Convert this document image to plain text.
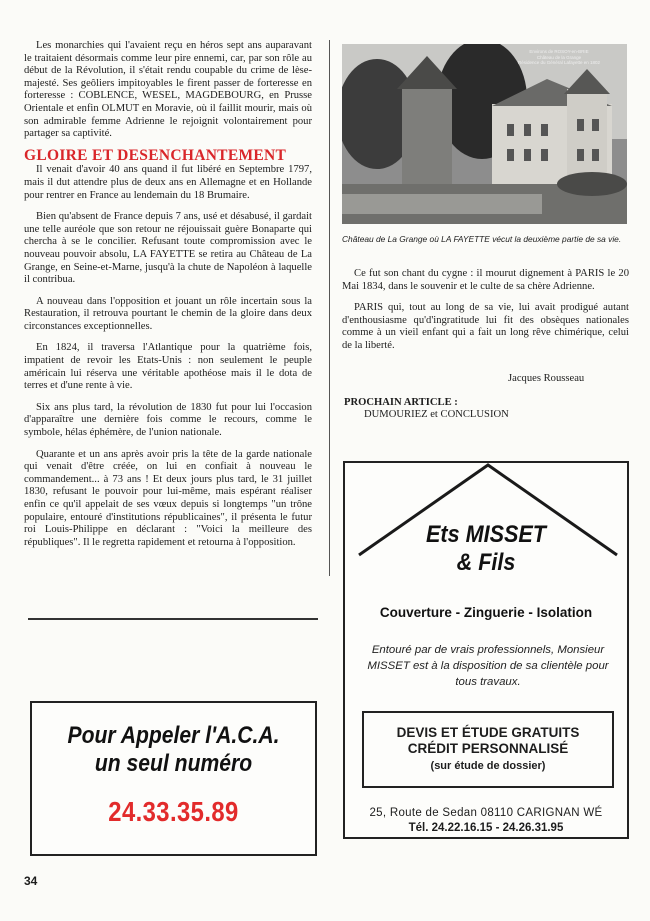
Les monarchies qui l'avaient reçu en héros sept ans auparavant le traitaient désormais comme leur pire ennemi, car, par son rôle au début de la Révolution, il s'était rendu coupable du crime de lèse-majesté. Ses geôliers impitoyables le firent passer de forteresse en forteresse : COBLENCE, WESEL, MAGDEBOURG, en Prusse Orientale et enfin OLMUT en Moravie, où il faillit mourir, mais où son admirable femme Adrienne le rejoignit volontairement pour partager sa captivité.

GLOIRE ET DESENCHANTEMENT

Il venait d'avoir 40 ans quand il fut libéré en Septembre 1797, mais il dut attendre plus de deux ans en Allemagne et en Hollande pour rentrer en France au lendemain du 18 Brumaire.

Bien qu'absent de France depuis 7 ans, usé et désabusé, il gardait une telle auréole que son retour ne réjouissait guère Bonaparte qui chercha à se le concilier. Refusant toute compromission avec le nouveau pouvoir absolu, LA FAYETTE se retira au Château de La Grange, en Seine-et-Marne, jusqu'à la chute de Napoléon à laquelle il contribua.

A nouveau dans l'opposition et jouant un rôle incertain sous la Restauration, il retrouva pourtant le chemin de la gloire dans deux circonstances exceptionnelles.

En 1824, il traversa l'Atlantique pour la quatrième fois, impatient de revoir les Etats-Unis : non seulement le peuple américain lui réserva une véritable apothéose mais il le dota de terres et d'une rente à vie.

Six ans plus tard, la révolution de 1830 fut pour lui l'occasion d'apparaître une dernière fois comme le recours, comme le symbole, hélas éphémère, de l'union nationale.

Quarante et un ans après avoir pris la tête de la garde nationale qui venait d'être créée, on lui en confiait à nouveau le commandement... à 73 ans ! Et deux jours plus tard, le 31 juillet 1830, refusant le pouvoir pour lui-même, mais espérant réaliser enfin ce qu'il appelait de ses vœux depuis si longtemps "un trône populaire, entouré d'institutions républicaines", il présenta le futur roi Louis-Philippe en déclarant : "Voici la meilleure des républiques". Il le regretta rapidement et retourna à l'opposition.

Environs de ROSOY-en-BRIE
Château de la Grange
Résidence du Général Lafayette en 1802
Château de La Grange où LA FAYETTE vécut la deuxième partie de sa vie.

Ce fut son chant du cygne : il mourut dignement à PARIS le 20 Mai 1834, dans le souvenir et le culte de sa chère Adrienne.

PARIS qui, tout au long de sa vie, lui avait prodigué autant d'enthousiasme qu'd'ingratitude lui fit des obsèques nationales comme à un vieil enfant qui a fait un long rêve chimérique, celui de la liberté.

Jacques Rousseau
PROCHAIN ARTICLE :
DUMOURIEZ et CONCLUSION
Ets MISSET
& Fils
Couverture - Zinguerie - Isolation
Entouré par de vrais professionnels, Monsieur MISSET est à la disposition de sa clientèle pour tous travaux.
DEVIS ET ÉTUDE GRATUITS
CRÉDIT PERSONNALISÉ
(sur étude de dossier)
25, Route de Sedan 08110 CARIGNAN WÉ
Tél. 24.22.16.15 - 24.26.31.95
Pour Appeler l'A.C.A.
un seul numéro
24.33.35.89
34
